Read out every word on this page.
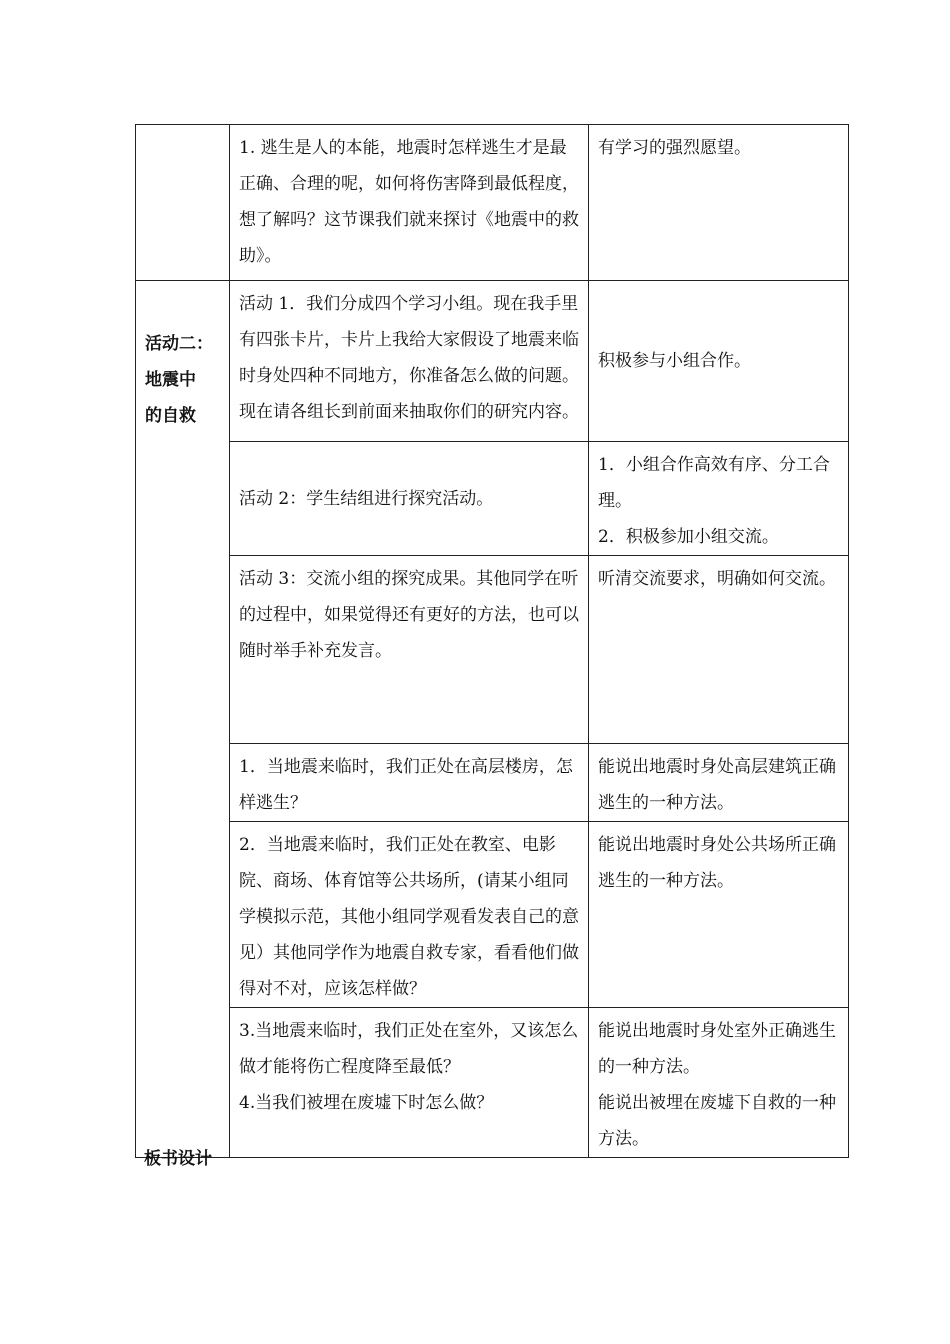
	1. 逃生是人的本能，地震时怎样逃生才是最正确、合理的呢，如何将伤害降到最低程度，想了解吗？这节课我们就来探讨《地震中的救助》。	有学习的强烈愿望。

活动二：
地震中
的自救	活动 1．我们分成四个学习小组。现在我手里有四张卡片，卡片上我给大家假设了地震来临时身处四种不同地方，你准备怎么做的问题。现在请各组长到前面来抽取你们的研究内容。	积极参与小组合作。
	活动 2：学生结组进行探究活动。	1．小组合作高效有序、分工合理。
2．积极参加小组交流。

	活动 3：交流小组的探究成果。其他同学在听的过程中，如果觉得还有更好的方法，也可以随时举手补充发言。	听清交流要求，明确如何交流。
	1．当地震来临时，我们正处在高层楼房，怎样逃生？	能说出地震时身处高层建筑正确逃生的一种方法。
	2．当地震来临时，我们正处在教室、电影院、商场、体育馆等公共场所，(请某小组同学模拟示范，其他小组同学观看发表自己的意见）其他同学作为地震自救专家，看看他们做得对不对，应该怎样做？	能说出地震时身处公共场所正确逃生的一种方法。

	3.当地震来临时，我们正处在室外，又该怎么做才能将伤亡程度降至最低？
4.当我们被埋在废墟下时怎么做？	能说出地震时身处室外正确逃生的一种方法。
能说出被埋在废墟下自救的一种方法。
板书设计
